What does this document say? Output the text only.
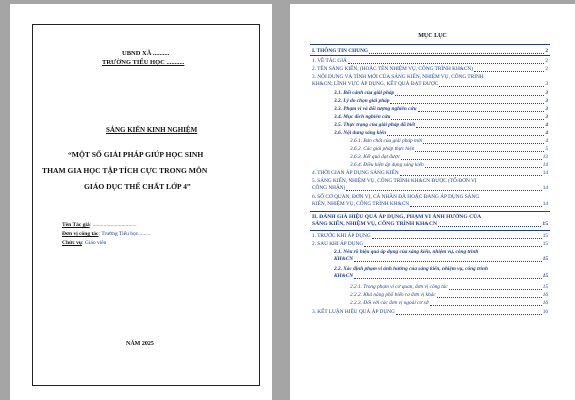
UBND XÃ ..........
TRƯỜNG TIỂU HỌC ...........
SÁNG KIẾN KINH NGHIỆM
“MỘT SỐ GIẢI PHÁP GIÚP HỌC SINH
THAM GIA HỌC TẬP TÍCH CỰC TRONG MÔN
GIÁO DỤC THỂ CHẤT LỚP 4”
Tên Tác giả: ................................
Đơn vị công tác: Trường Tiểu học.........
Chức vụ: Giáo viên
NĂM 2025
MỤC LỤC
I. THÔNG TIN CHUNG	2
1. VỀ TÁC GIẢ	2
2. TÊN SÁNG KIẾN, (HOẶC TÊN NHIỆM VỤ, CÔNG TRÌNH KH&CN)	2
3. NỘI DUNG VÀ TÍNH MỚI CỦA SÁNG KIẾN, NHIỆM VỤ, CÔNG TRÌNH
KH&CN; LĨNH VỰC ÁP DỤNG, KẾT QUẢ ĐẠT ĐƯỢC	3
3.1. Bối cảnh của giải pháp	3
3.2. Lý do chọn giải pháp	3
3.3. Phạm vi và đối tượng nghiên cứu	3
3.4. Mục đích nghiên cứu	3
3.5. Thực trạng của giải pháp đã biết	4
3.6. Nội dung sáng kiến	4
3.6.1. Bản chất của giải pháp mới	4
3.6.2. Các giải pháp thực hiện	5
3.6.3. Kết quả đạt được	13
3.6.4. Điều kiện áp dụng sáng kiến	14
4. THỜI GIAN ÁP DỤNG SÁNG KIẾN	14
5. SÁNG KIẾN, NHIỆM VỤ, CÔNG TRÌNH KH&CN ĐƯỢC (TỔ/ĐƠN VỊ
CÔNG NHẬN)	14
6. SỐ CƠ QUAN, ĐƠN VỊ, CÁ NHÂN ĐÃ HOẶC ĐANG ÁP DỤNG SÁNG
KIẾN, NHIỆM VỤ, CÔNG TRÌNH KH&CN	14
II. ĐÁNH GIÁ HIỆU QUẢ ÁP DỤNG, PHẠM VI ẢNH HƯỞNG CỦA
SÁNG KIẾN, NHIỆM VỤ, CÔNG TRÌNH KH&CN	15
1. TRƯỚC KHI ÁP DỤNG	15
2. SAU KHI ÁP DỤNG	15
2.1. Nêu rõ hiệu quả áp dụng của sáng kiến, nhiệm vụ, công trình
KH&CN	15
2.2. Xác định phạm vi ảnh hưởng của sáng kiến, nhiệm vụ, công trình
KH&CN	15
2.2.1. Trong phạm vi cơ quan, đơn vị công tác	15
2.2.2. Khả năng phổ biến ra đơn vị khác	16
2.2.3. Đối với các đơn vị ngoài cơ sở	16
3. KẾT LUẬN HIỆU QUẢ ÁP DỤNG	16
